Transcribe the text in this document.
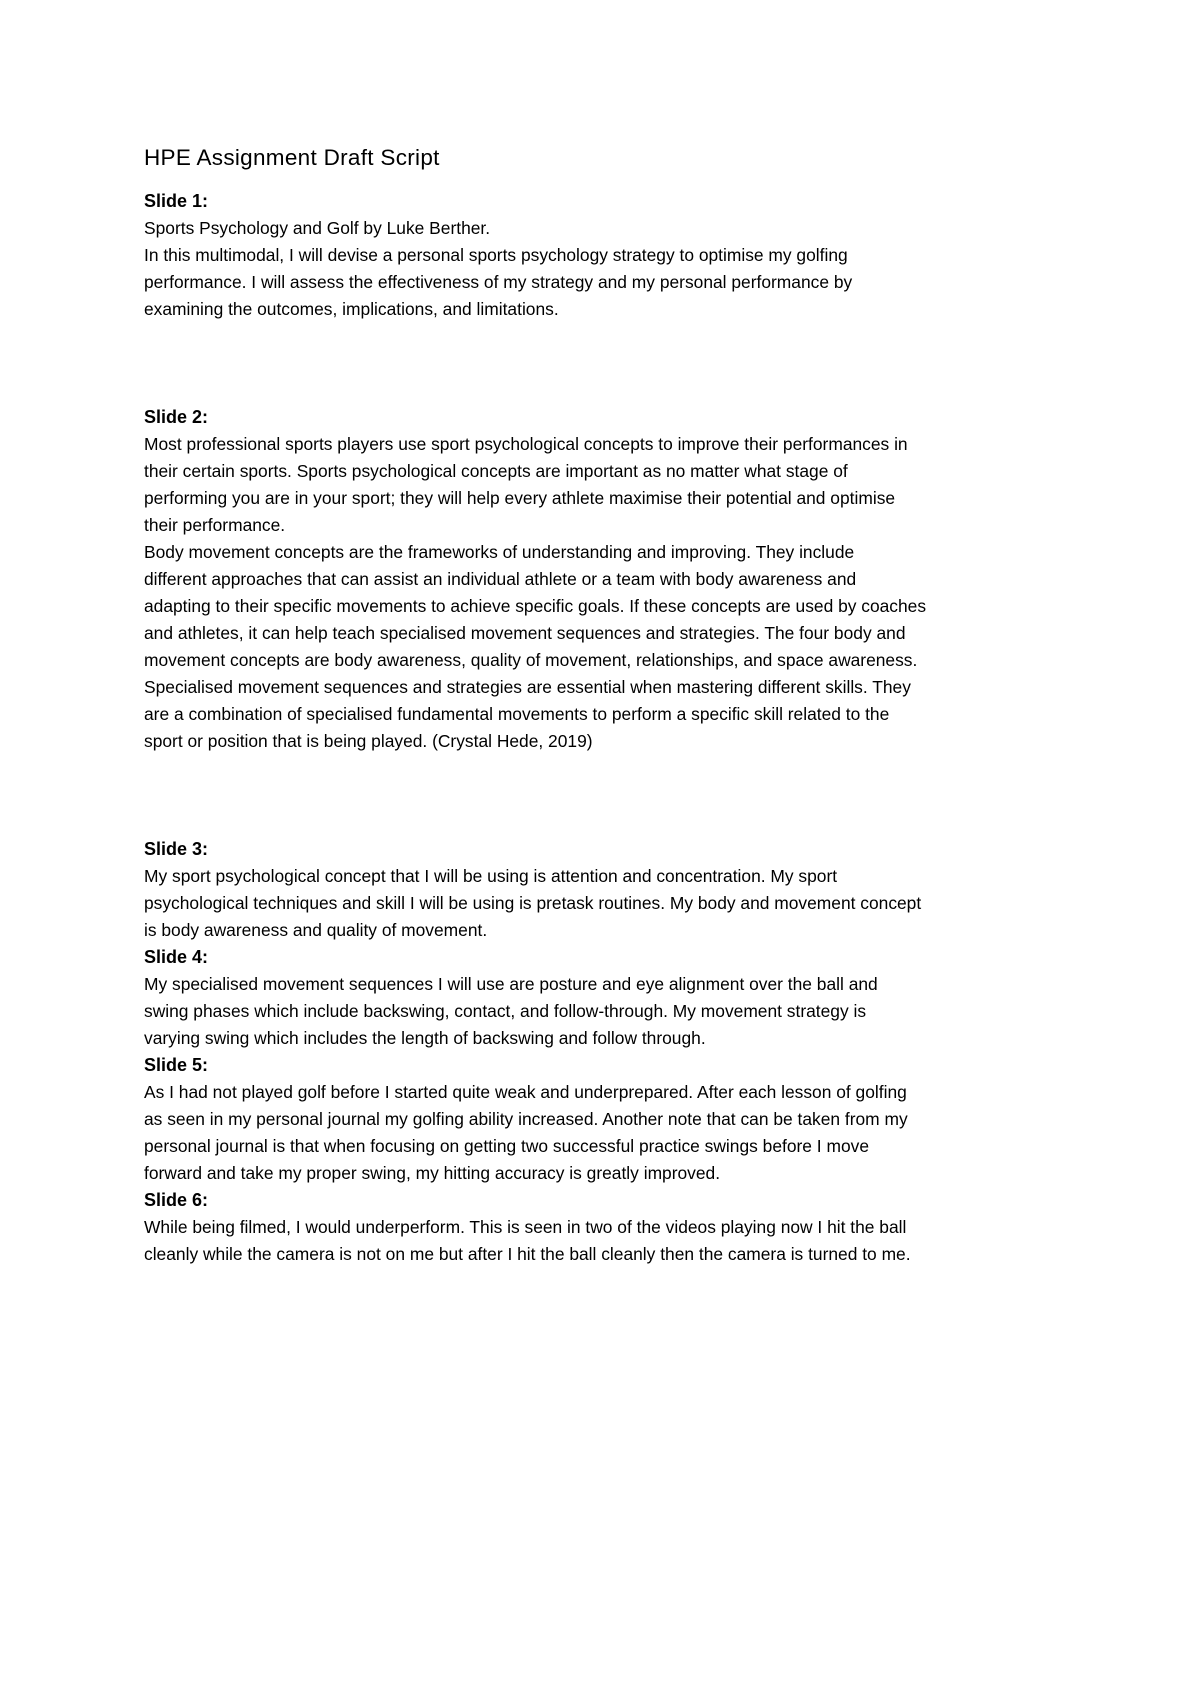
HPE Assignment Draft Script
Slide 1:
Sports Psychology and Golf by Luke Berther.
In this multimodal, I will devise a personal sports psychology strategy to optimise my golfing
performance. I will assess the effectiveness of my strategy and my personal performance by
examining the outcomes, implications, and limitations.
Slide 2:
Most professional sports players use sport psychological concepts to improve their performances in
their certain sports. Sports psychological concepts are important as no matter what stage of
performing you are in your sport; they will help every athlete maximise their potential and optimise
their performance.
Body movement concepts are the frameworks of understanding and improving. They include
different approaches that can assist an individual athlete or a team with body awareness and
adapting to their specific movements to achieve specific goals. If these concepts are used by coaches
and athletes, it can help teach specialised movement sequences and strategies. The four body and
movement concepts are body awareness, quality of movement, relationships, and space awareness.
Specialised movement sequences and strategies are essential when mastering different skills. They
are a combination of specialised fundamental movements to perform a specific skill related to the
sport or position that is being played. (Crystal Hede, 2019)
Slide 3:
My sport psychological concept that I will be using is attention and concentration. My sport
psychological techniques and skill I will be using is pretask routines. My body and movement concept
is body awareness and quality of movement.
Slide 4:
My specialised movement sequences I will use are posture and eye alignment over the ball and
swing phases which include backswing, contact, and follow-through. My movement strategy is
varying swing which includes the length of backswing and follow through.
Slide 5:
As I had not played golf before I started quite weak and underprepared. After each lesson of golfing
as seen in my personal journal my golfing ability increased. Another note that can be taken from my
personal journal is that when focusing on getting two successful practice swings before I move
forward and take my proper swing, my hitting accuracy is greatly improved.
Slide 6:
While being filmed, I would underperform. This is seen in two of the videos playing now I hit the ball
cleanly while the camera is not on me but after I hit the ball cleanly then the camera is turned to me.
